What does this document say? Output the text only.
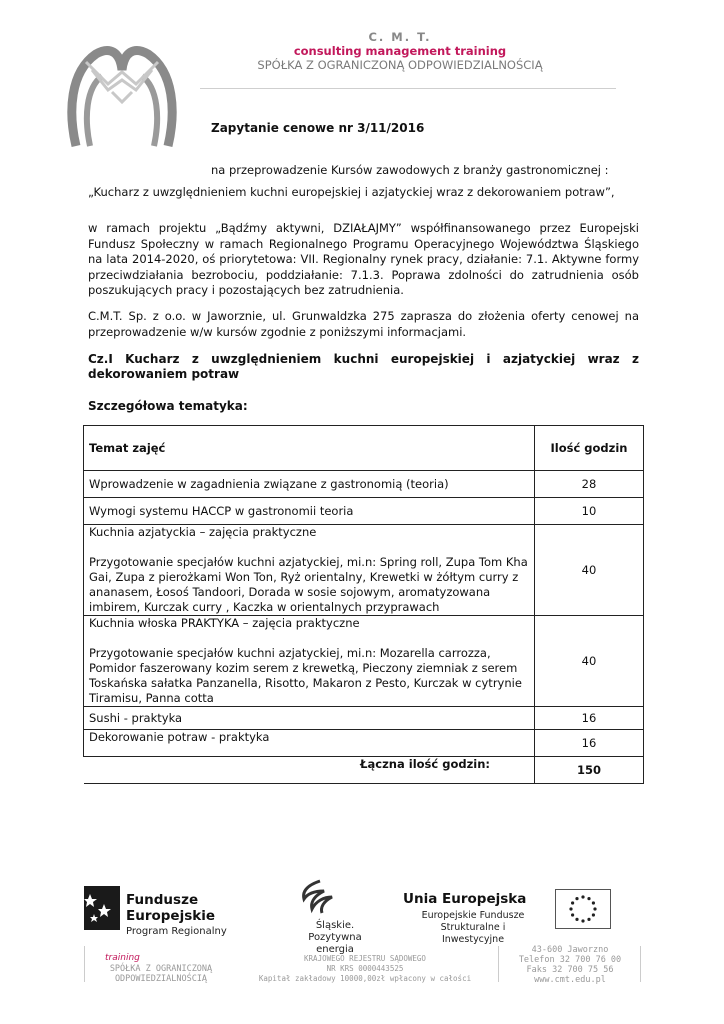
C. M. T.
consulting management training
SPÓŁKA Z OGRANICZONĄ ODPOWIEDZIALNOŚCIĄ
Zapytanie cenowe nr 3/11/2016
na przeprowadzenie Kursów zawodowych z branży gastronomicznej :
„Kucharz z uwzględnieniem kuchni europejskiej i azjatyckiej wraz z dekorowaniem potraw”,
w ramach projektu „Bądźmy aktywni, DZIAŁAJMY” współfinansowanego przez Europejski Fundusz Społeczny w ramach Regionalnego Programu Operacyjnego Województwa Śląskiego na lata 2014-2020, oś priorytetowa: VII. Regionalny rynek pracy, działanie: 7.1. Aktywne formy przeciwdziałania bezrobociu, poddziałanie: 7.1.3. Poprawa zdolności do zatrudnienia osób poszukujących pracy i pozostających bez zatrudnienia.
C.M.T. Sp. z o.o. w Jaworznie, ul. Grunwaldzka 275 zaprasza do złożenia oferty cenowej na przeprowadzenie w/w kursów zgodnie z poniższymi informacjami.
Cz.I Kucharz z uwzględnieniem kuchni europejskiej i azjatyckiej wraz z dekorowaniem potraw
Szczegółowa tematyka:
Temat zajęć	Ilość godzin
Wprowadzenie w zagadnienia związane z gastronomią (teoria)	28
Wymogi systemu HACCP w gastronomii teoria	10

Kuchnia azjatyckia – zajęcia praktyczne

Przygotowanie specjałów kuchni azjatyckiej, mi.n: Spring roll, Zupa Tom Kha Gai, Zupa z pierożkami Won Ton, Ryż orientalny, Krewetki w żółtym curry z ananasem, Łosoś Tandoori, Dorada w sosie sojowym, aromatyzowana imbirem, Kurczak curry , Kaczka w orientalnych przyprawach	40

Kuchnia włoska PRAKTYKA – zajęcia praktyczne

Przygotowanie specjałów kuchni azjatyckiej, mi.n: Mozarella carrozza, Pomidor faszerowany kozim serem z krewetką, Pieczony ziemniak z serem Toskańska sałatka Panzanella, Risotto, Makaron z Pesto, Kurczak w cytrynie Tiramisu, Panna cotta	40
Sushi - praktyka	16
Dekorowanie potraw - praktyka	16
Łączna ilość godzin:	150
Fundusze
Europejskie
Program Regionalny
Śląskie.
Pozytywna energia
Unia Europejska
Europejskie Fundusze
Strukturalne i Inwestycyjne
training
SPÓŁKA Z OGRANICZONĄ
ODPOWIEDZIALNOŚCIĄ
KRAJOWEGO REJESTRU SĄDOWEGO
NR KRS 0000443525
Kapitał zakładowy 10000,00zł wpłacony w całości
43-600 Jaworzno
Telefon 32 700 76 00
Faks 32 700 75 56
www.cmt.edu.pl
